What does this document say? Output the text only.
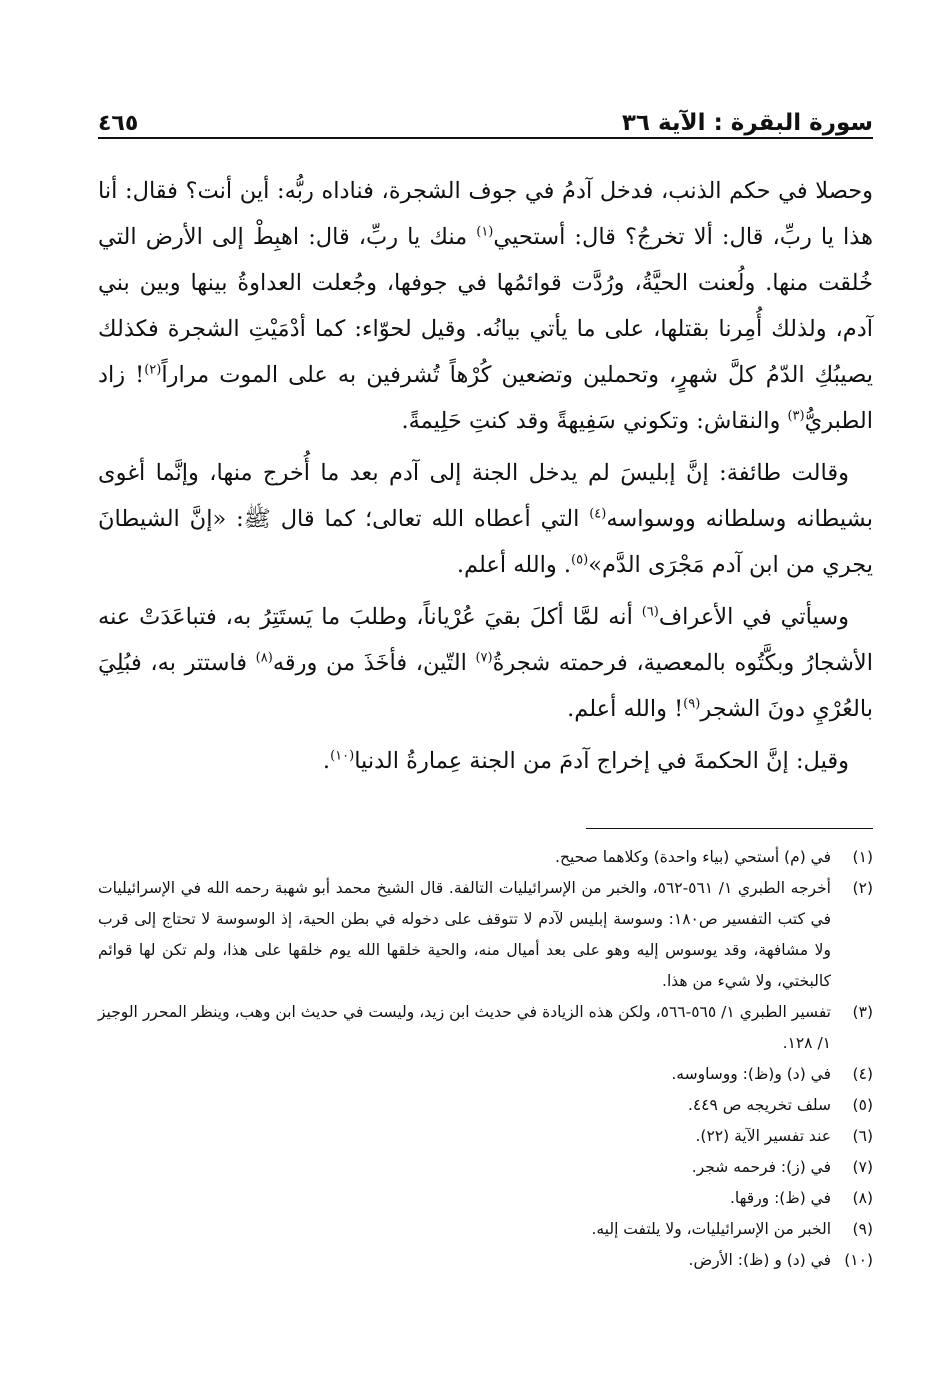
سورة البقرة : الآية ٣٦
٤٦٥

وحصلا في حكم الذنب، فدخل آدمُ في جوف الشجرة، فناداه ربُّه: أين أنت؟ فقال: أنا هذا يا ربِّ، قال: ألا تخرجُ؟ قال: أستحيي$^{(١)}$ منك يا ربِّ، قال: اهبِطْ إلى الأرض التي خُلقت منها. ولُعنت الحيَّةُ، ورُدَّت قوائمُها في جوفها، وجُعلت العداوةُ بينها وبين بني آدم، ولذلك أُمِرنا بقتلها، على ما يأتي بيانُه. وقيل لحوّاء: كما أدْمَيْتِ الشجرة فكذلك يصيبُكِ الدّمُ كلَّ شهرٍ، وتحملين وتضعين كُرْهاً تُشرفين به على الموت مراراً$^{(٢)}$! زاد الطبريُّ$^{(٣)}$ والنقاش: وتكوني سَفِيهةً وقد كنتِ حَلِيمةً.

وقالت طائفة: إنَّ إبليسَ لم يدخل الجنة إلى آدم بعد ما أُخرج منها، وإنَّما أغوى بشيطانه وسلطانه ووسواسه$^{(٤)}$ التي أعطاه الله تعالى؛ كما قال ﷺ: «إنَّ الشيطانَ يجري من ابن آدم مَجْرَى الدَّم»$^{(٥)}$. والله أعلم.

وسيأتي في الأعراف$^{(٦)}$ أنه لمَّا أكلَ بقيَ عُرْياناً، وطلبَ ما يَستَتِرُ به، فتباعَدَتْ عنه الأشجارُ وبكَّتُوه بالمعصية، فرحمته شجرةُ$^{(٧)}$ التّين، فأخَذَ من ورقه$^{(٨)}$ فاستتر به، فبُلِيَ بالعُرْيِ دونَ الشجر$^{(٩)}$! والله أعلم.

وقيل: إنَّ الحكمةَ في إخراج آدمَ من الجنة عِمارةُ الدنيا$^{(١٠)}$.

(١)
في (م) أستحي (بياء واحدة) وكلاهما صحيح.
(٢)
أخرجه الطبري ١/ ٥٦١-٥٦٢، والخبر من الإسرائيليات التالفة. قال الشيخ محمد أبو شهبة رحمه الله في الإسرائيليات في كتب التفسير ص١٨٠: وسوسة إبليس لآدم لا تتوقف على دخوله في بطن الحية، إذ الوسوسة لا تحتاج إلى قرب ولا مشافهة، وقد يوسوس إليه وهو على بعد أميال منه، والحية خلقها الله يوم خلقها على هذا، ولم تكن لها قوائم كالبختي، ولا شيء من هذا.
(٣)
تفسير الطبري ١/ ٥٦٥-٥٦٦، ولكن هذه الزيادة في حديث ابن زيد، وليست في حديث ابن وهب، وينظر المحرر الوجيز ١/ ١٢٨.
(٤)
في (د) و(ظ): ووساوسه.
(٥)
سلف تخريجه ص ٤٤٩.
(٦)
عند تفسير الآية (٢٢).
(٧)
في (ز): فرحمه شجر.
(٨)
في (ظ): ورقها.
(٩)
الخبر من الإسرائيليات، ولا يلتفت إليه.
(١٠)
في (د) و (ظ): الأرض.
